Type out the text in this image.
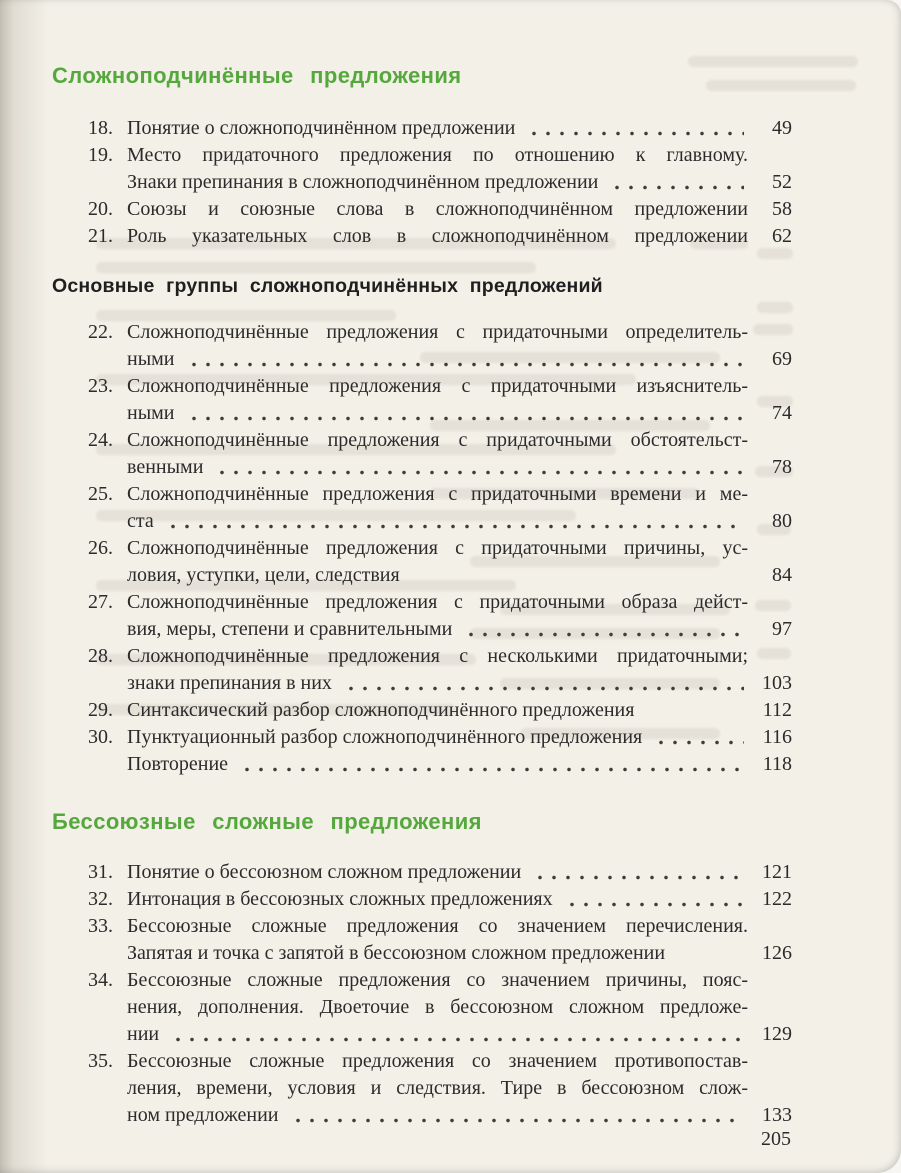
Сложноподчинённые предложения
18. Понятие о сложноподчинённом предложении	49
19. Место придаточного предложения по отношению к главному.
Знаки препинания в сложноподчинённом предложении	52
20. Союзы и союзные слова в сложноподчинённом предложении	58
21. Роль указательных слов в сложноподчинённом предложении	62
Основные группы сложноподчинённых предложений
22. Сложноподчинённые предложения с придаточными определитель-
ными	69
23. Сложноподчинённые предложения с придаточными изъяснитель-
ными	74
24. Сложноподчинённые предложения с придаточными обстоятельст-
венными	78
25. Сложноподчинённые предложения с придаточными времени и ме-
ста	80
26. Сложноподчинённые предложения с придаточными причины, ус-
ловия, уступки, цели, следствия	84
27. Сложноподчинённые предложения с придаточными образа дейст-
вия, меры, степени и сравнительными	97
28. Сложноподчинённые предложения с несколькими придаточными;
знаки препинания в них	103
29. Синтаксический разбор сложноподчинённого предложения	112
30. Пунктуационный разбор сложноподчинённого предложения	116
Повторение	118
Бессоюзные сложные предложения
31. Понятие о бессоюзном сложном предложении	121
32. Интонация в бессоюзных сложных предложениях	122
33. Бессоюзные сложные предложения со значением перечисления.
Запятая и точка с запятой в бессоюзном сложном предложении	126
34. Бессоюзные сложные предложения со значением причины, пояс-
нения, дополнения. Двоеточие в бессоюзном сложном предложе-
нии	129
35. Бессоюзные сложные предложения со значением противопостав-
ления, времени, условия и следствия. Тире в бессоюзном слож-
ном предложении	133
205
